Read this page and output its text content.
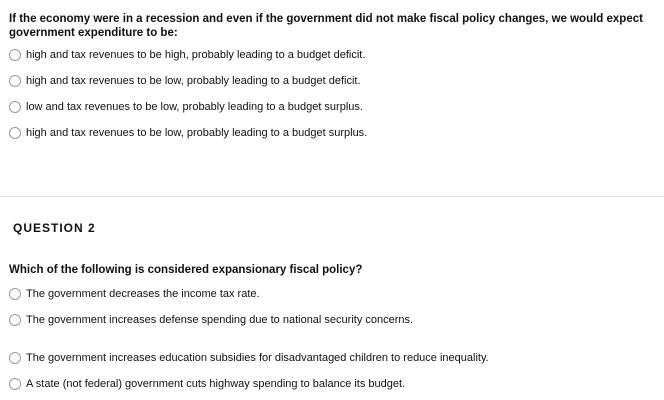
If the economy were in a recession and even if the government did not make fiscal policy changes, we would expect government expenditure to be:

high and tax revenues to be high, probably leading to a budget deficit.
high and tax revenues to be low, probably leading to a budget deficit.
low and tax revenues to be low, probably leading to a budget surplus.
high and tax revenues to be low, probably leading to a budget surplus.

QUESTION 2

Which of the following is considered expansionary fiscal policy?

The government decreases the income tax rate.
The government increases defense spending due to national security concerns.
The government increases education subsidies for disadvantaged children to reduce inequality.
A state (not federal) government cuts highway spending to balance its budget.
